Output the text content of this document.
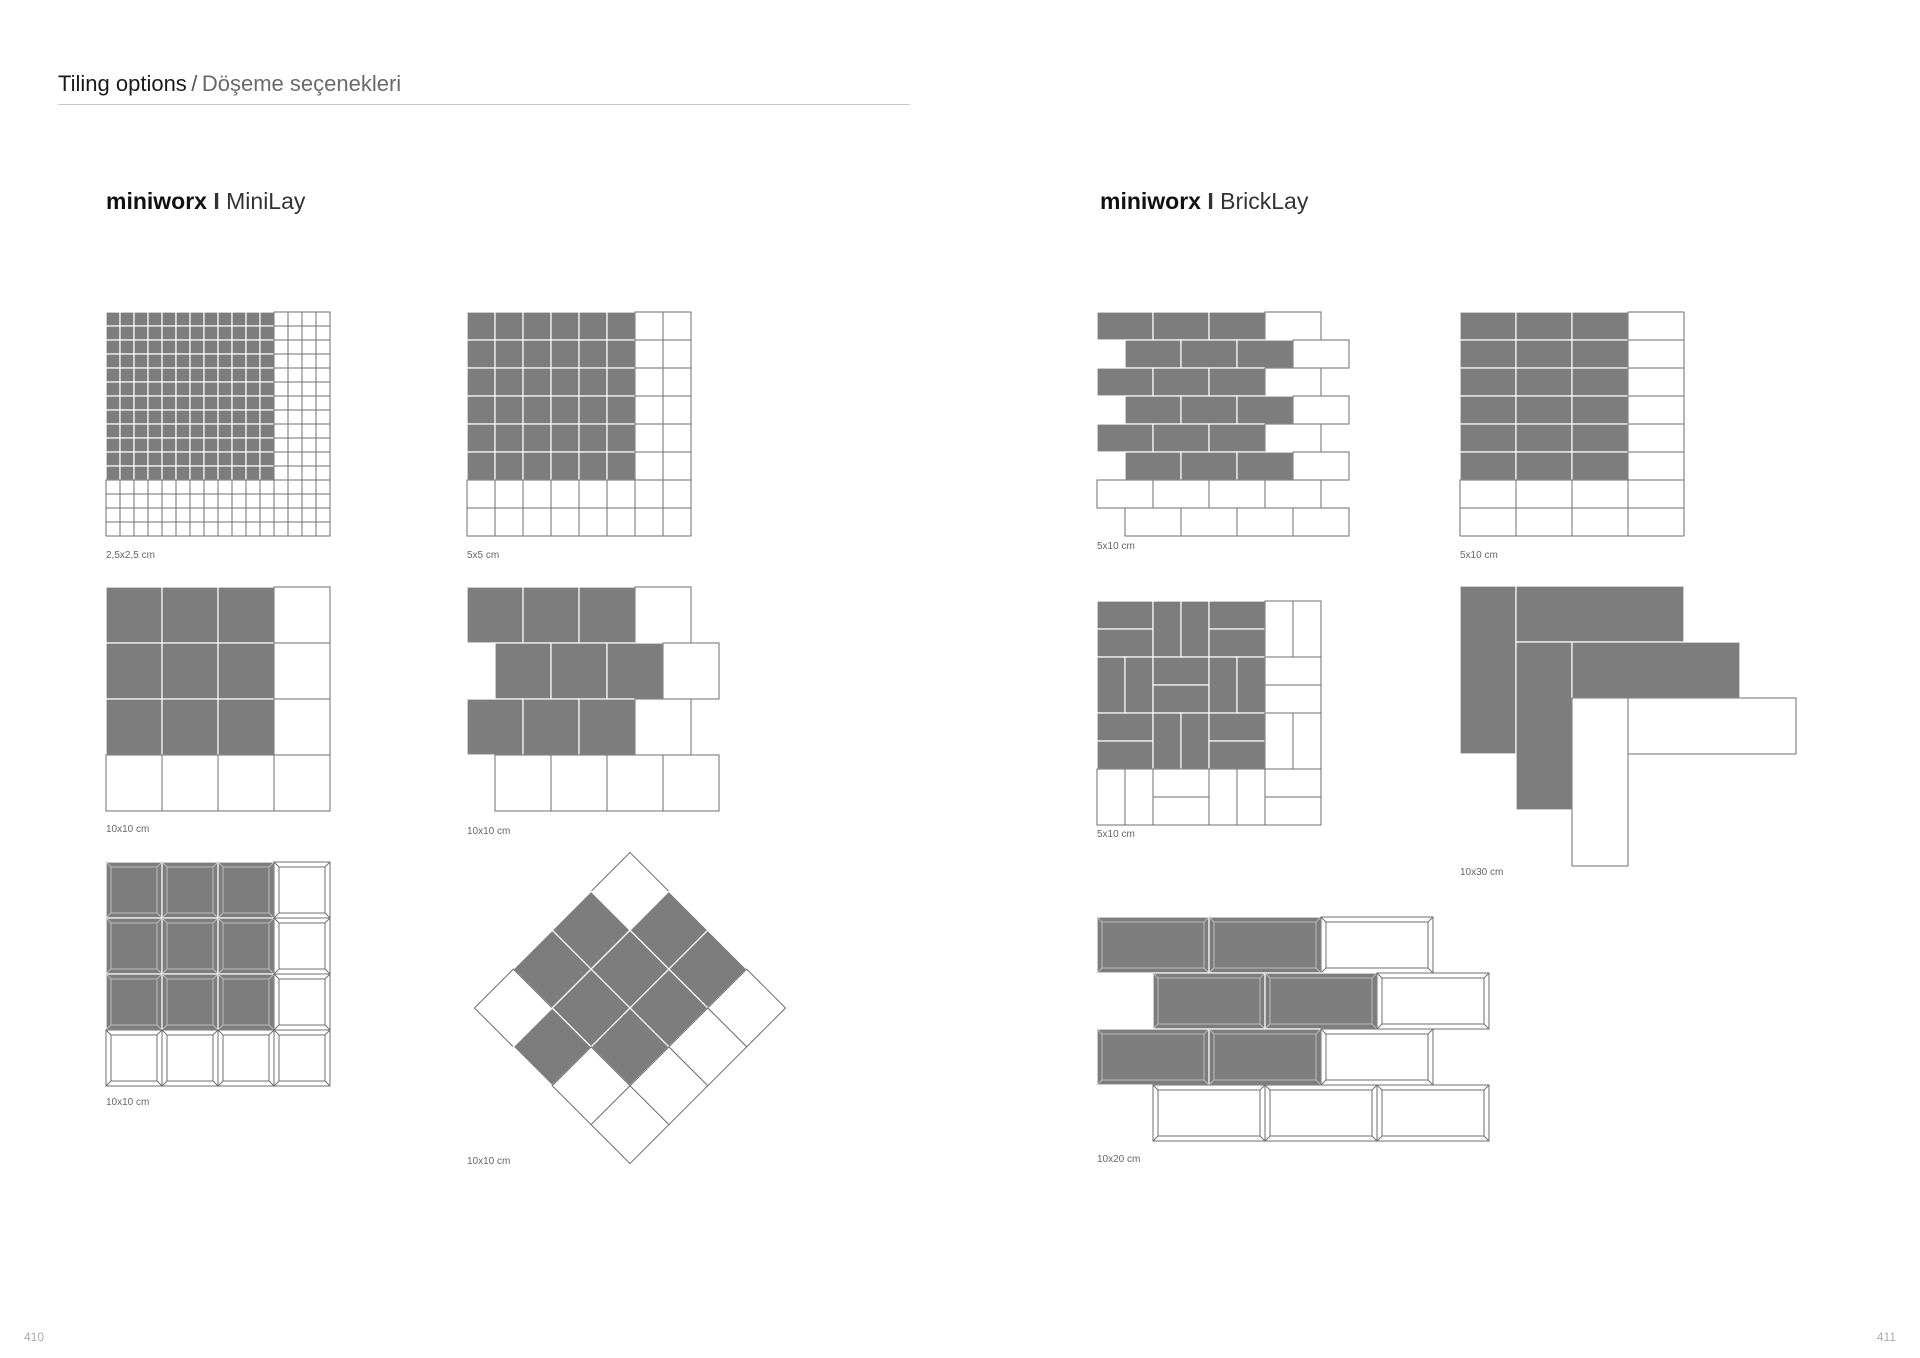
Tiling options / Döşeme seçenekleri
miniworx I MiniLay	miniworx I BrickLay
2,5x2,5 cm	5x5 cm
10x10 cm	10x10 cm
10x10 cm
10x10 cm
5x10 cm
5x10 cm
5x10 cm
10x30 cm
10x20 cm
410	411
